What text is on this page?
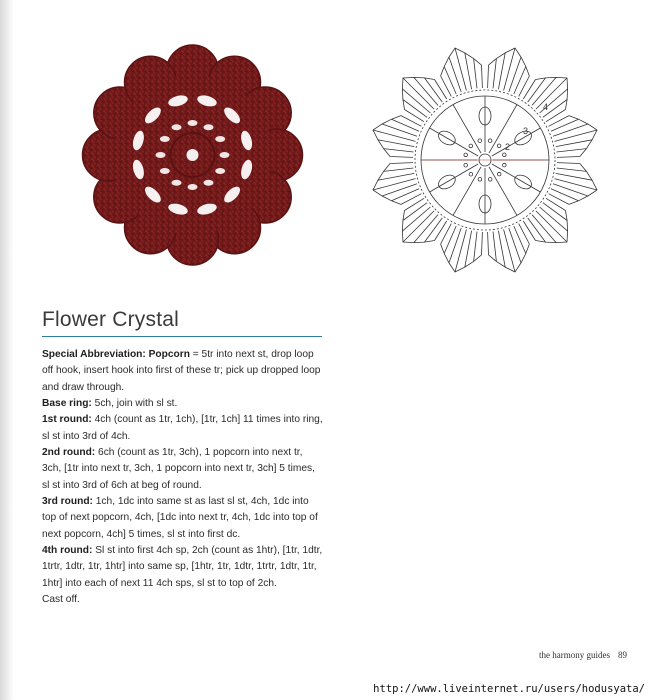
4
3
2
Flower Crystal

Special Abbreviation: Popcorn = 5tr into next st, drop loop off hook, insert hook into first of these tr; pick up dropped loop and draw through.

Base ring: 5ch, join with sl st.

1st round: 4ch (count as 1tr, 1ch), [1tr, 1ch] 11 times into ring, sl st into 3rd of 4ch.

2nd round: 6ch (count as 1tr, 3ch), 1 popcorn into next tr, 3ch, [1tr into next tr, 3ch, 1 popcorn into next tr, 3ch] 5 times, sl st into 3rd of 6ch at beg of round.

3rd round: 1ch, 1dc into same st as last sl st, 4ch, 1dc into top of next popcorn, 4ch, [1dc into next tr, 4ch, 1dc into top of next popcorn, 4ch] 5 times, sl st into first dc.

4th round: Sl st into first 4ch sp, 2ch (count as 1htr), [1tr, 1dtr, 1trtr, 1dtr, 1tr, 1htr] into same sp, [1htr, 1tr, 1dtr, 1trtr, 1dtr, 1tr, 1htr] into each of next 11 4ch sps, sl st to top of 2ch.

Cast off.

the harmony guides 89
http://www.liveinternet.ru/users/hodusyata/
